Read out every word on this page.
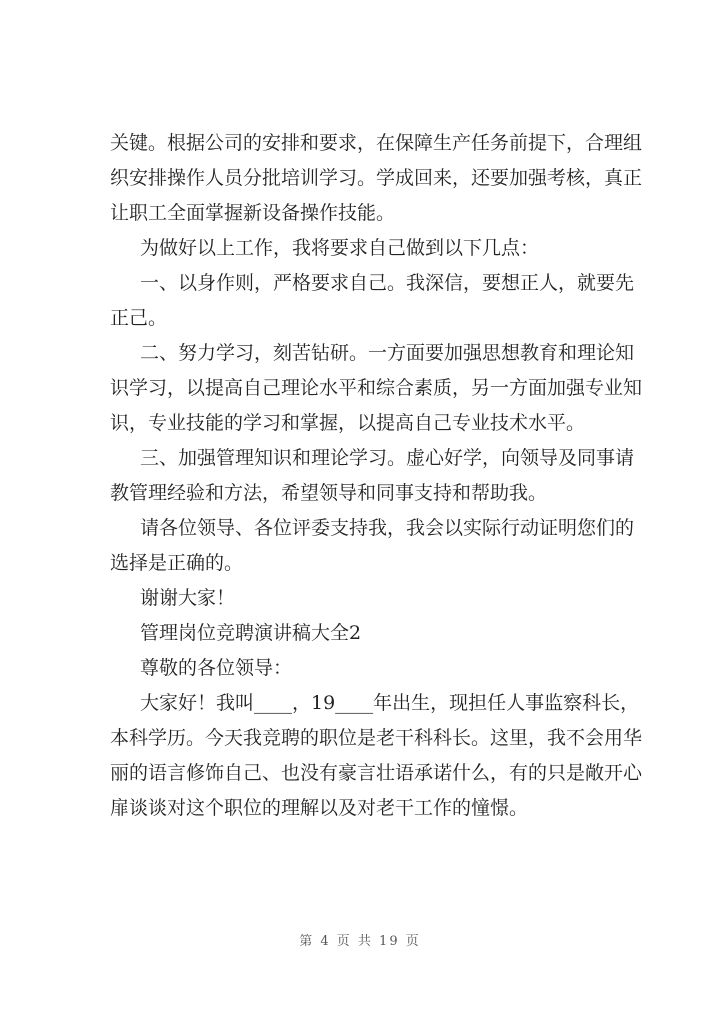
关键。根据公司的安排和要求，在保障生产任务前提下，合理组

织安排操作人员分批培训学习。学成回来，还要加强考核，真正

让职工全面掌握新设备操作技能。

为做好以上工作，我将要求自己做到以下几点：

一、以身作则，严格要求自己。我深信，要想正人，就要先

正己。

二、努力学习，刻苦钻研。一方面要加强思想教育和理论知

识学习，以提高自己理论水平和综合素质，另一方面加强专业知

识，专业技能的学习和掌握，以提高自己专业技术水平。

三、加强管理知识和理论学习。虚心好学，向领导及同事请

教管理经验和方法，希望领导和同事支持和帮助我。

请各位领导、各位评委支持我，我会以实际行动证明您们的

选择是正确的。

谢谢大家！

管理岗位竞聘演讲稿大全2

尊敬的各位领导：

大家好！我叫____，19____年出生，现担任人事监察科长，

本科学历。今天我竞聘的职位是老干科科长。这里，我不会用华

丽的语言修饰自己、也没有豪言壮语承诺什么，有的只是敞开心

扉谈谈对这个职位的理解以及对老干工作的憧憬。

第 4 页 共 19 页
